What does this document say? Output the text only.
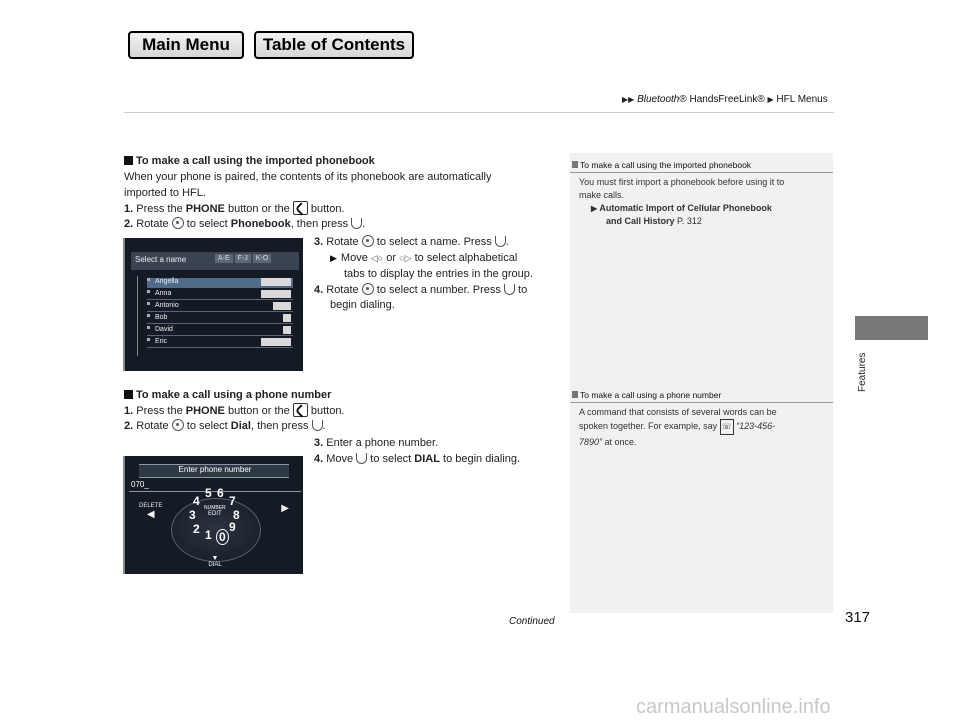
Main Menu	Table of Contents
▶▶ Bluetooth® HandsFreeLink® ▶ HFL Menus
Features
To make a call using the imported phonebook
You must first import a phonebook before using it to
make calls.
▶ Automatic Import of Cellular Phonebook
and Call History P. 312
To make a call using a phone number
A command that consists of several words can be
spoken together. For example, say ☏ “123-456-
7890” at once.
To make a call using the imported phonebook
When your phone is paired, the contents of its phonebook are automatically
imported to HFL.
1. Press the PHONE button or the  button.
2. Rotate  to select Phonebook, then press .
3. Rotate  to select a name. Press .
▶ Move ◁○ or ○▷ to select alphabetical
tabs to display the entries in the group.
4. Rotate  to select a number. Press  to
begin dialing.
Select a name	A-E F-J K-O
Angella
Anna
Antonio
Bob
David
Eric
To make a call using a phone number
1. Press the PHONE button or the  button.
2. Rotate  to select Dial, then press .
3. Enter a phone number.
4. Move  to select DIAL to begin dialing.
Enter phone number
070_
DELETE
◀
▶
5 6
4 7
3	8
2 9
1 0
NUMBER
EDIT
▼
DIAL
Continued	317
carmanualsonline.info
